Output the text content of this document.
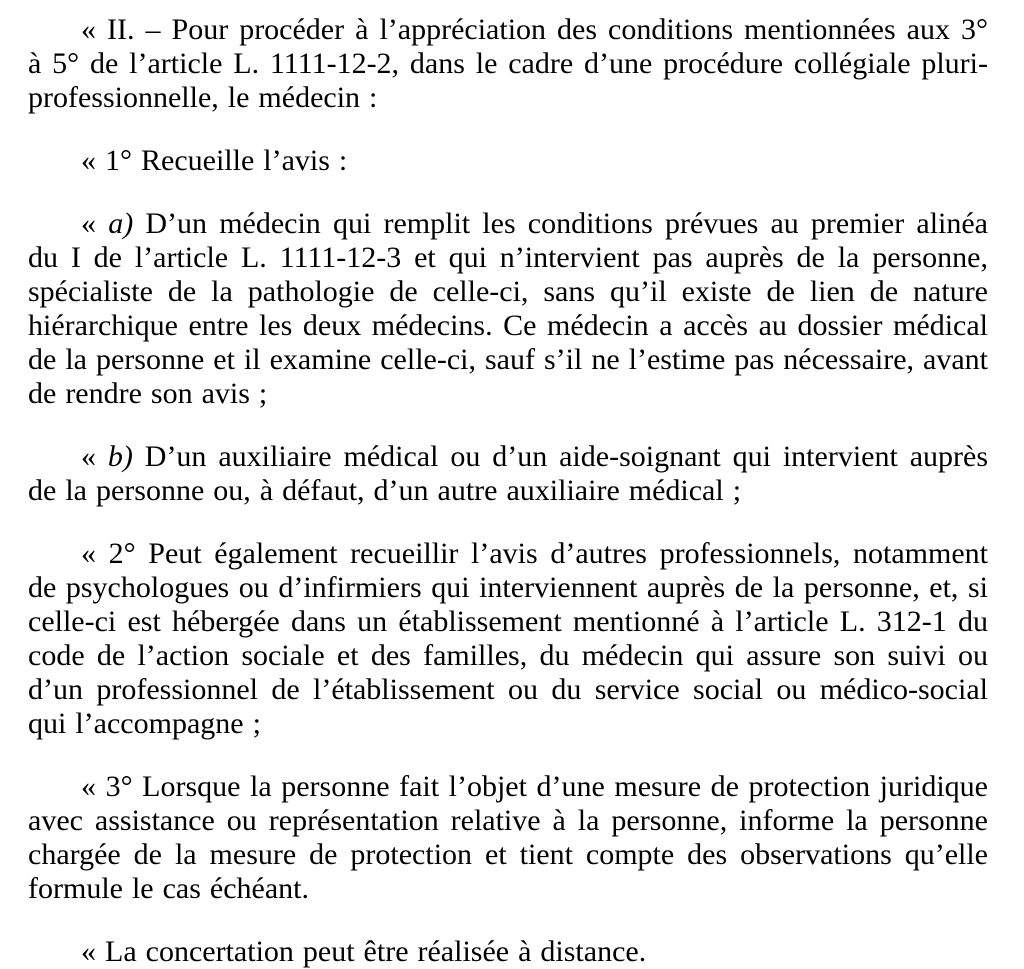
« II. – Pour procéder à l’appréciation des conditions mentionnées aux 3° à 5° de l’article L. 1111-12-2, dans le cadre d’une procédure collégiale pluri-professionnelle, le médecin :

« 1° Recueille l’avis :

« a) D’un médecin qui remplit les conditions prévues au premier alinéa du I de l’article L. 1111-12-3 et qui n’intervient pas auprès de la personne, spécialiste de la pathologie de celle-ci, sans qu’il existe de lien de nature hiérarchique entre les deux médecins. Ce médecin a accès au dossier médical de la personne et il examine celle-ci, sauf s’il ne l’estime pas nécessaire, avant de rendre son avis ;

« b) D’un auxiliaire médical ou d’un aide-soignant qui intervient auprès de la personne ou, à défaut, d’un autre auxiliaire médical ;

« 2° Peut également recueillir l’avis d’autres professionnels, notamment de psychologues ou d’infirmiers qui interviennent auprès de la personne, et, si celle-ci est hébergée dans un établissement mentionné à l’article L. 312-1 du code de l’action sociale et des familles, du médecin qui assure son suivi ou d’un professionnel de l’établissement ou du service social ou médico-social qui l’accompagne ;

« 3° Lorsque la personne fait l’objet d’une mesure de protection juridique avec assistance ou représentation relative à la personne, informe la personne chargée de la mesure de protection et tient compte des observations qu’elle formule le cas échéant.

« La concertation peut être réalisée à distance.
